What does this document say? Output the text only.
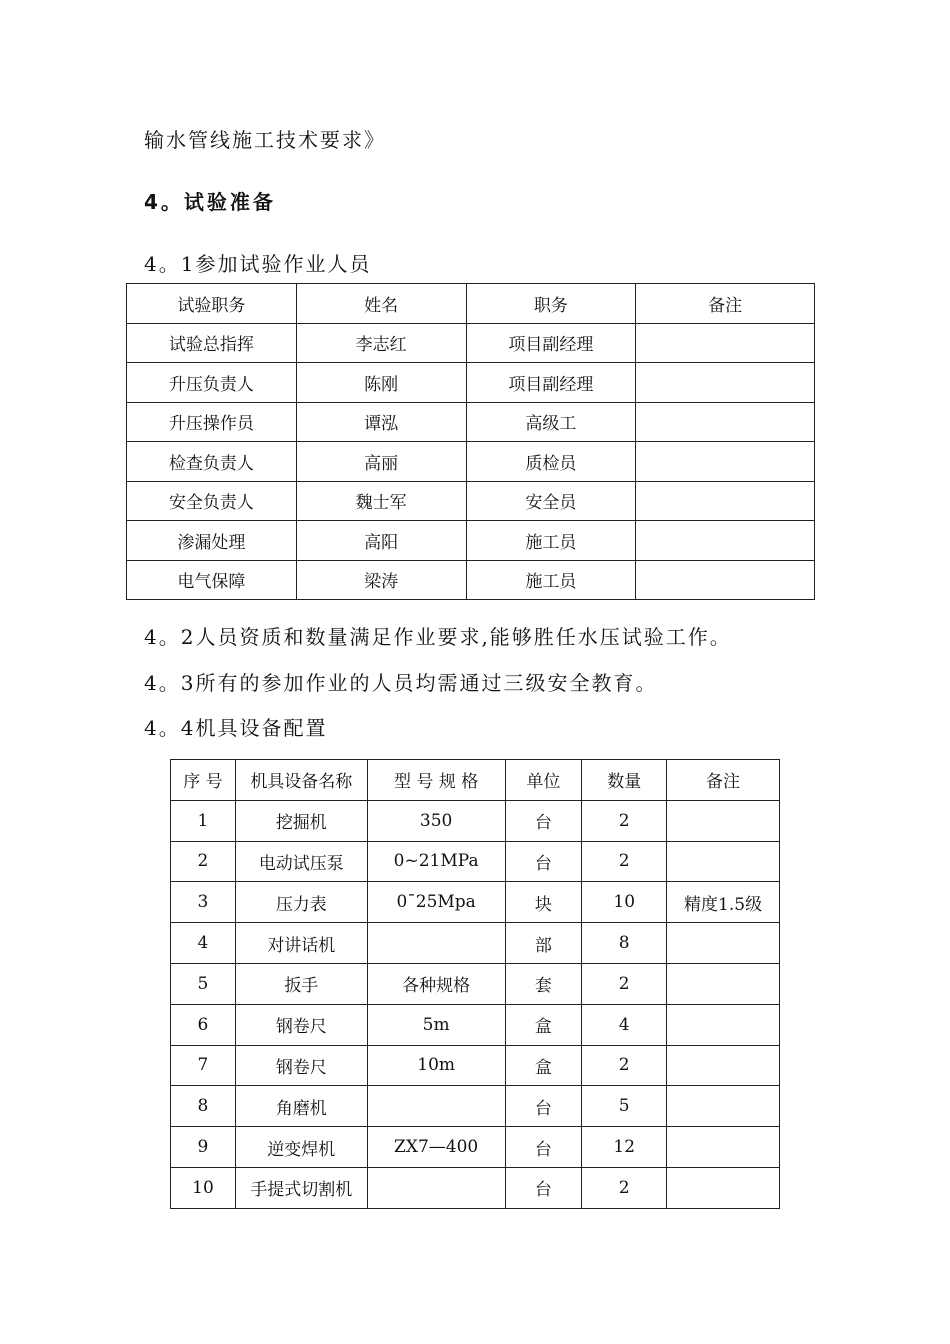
输水管线施工技术要求》
4。试验准备
4。1参加试验作业人员
试验职务	姓名	职务	备注
试验总指挥	李志红	项目副经理	
升压负责人	陈刚	项目副经理	
升压操作员	谭泓	高级工	
检查负责人	高丽	质检员	
安全负责人	魏士军	安全员	
渗漏处理	高阳	施工员	
电气保障	梁涛	施工员	
4。2人员资质和数量满足作业要求,能够胜任水压试验工作。
4。3所有的参加作业的人员均需通过三级安全教育。
4。4机具设备配置
序 号	机具设备名称	型 号 规 格	单位	数量	备注
1	挖掘机	350	台	2	
2	电动试压泵	0~21MPa	台	2	
3	压力表	0¯25Mpa	块	10	精度1.5级
4	对讲话机		部	8	
5	扳手	各种规格	套	2	
6	钢卷尺	5m	盒	4	
7	钢卷尺	10m	盒	2	
8	角磨机		台	5	
9	逆变焊机	ZX7—400	台	12	
10	手提式切割机		台	2	
